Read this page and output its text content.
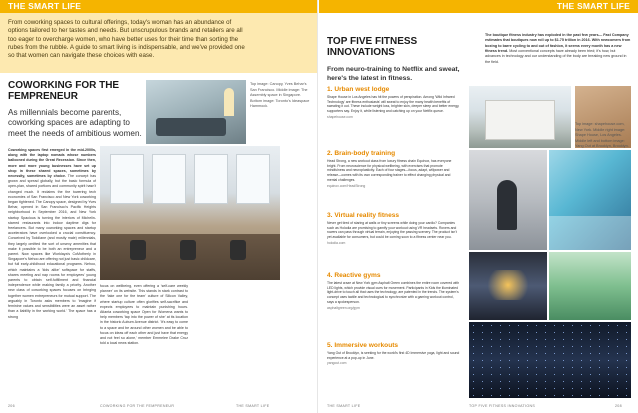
THE SMART LIFE

From coworking spaces to cultural offerings, today's woman has an abundance of options tailored to her tastes and needs. But unscrupulous brands and retailers are all too eager to overcharge women, who have better uses for their time than sorting the rubes from the rubble. A guide to smart living is indispensable, and we've provided one so that women can navigate these choices with ease.

COWORKING FOR THE FEMPRENEUR
As millennials become parents, coworking spaces are adapting to meet the needs of ambitious women.
Top image: Canopy, Yves Behar's San Francisco. Middle image: The Assembly space in Singapore. Bottom image: Toronto's Ideaspace Hammock.
Coworking spaces first emerged in the mid-2000s, along with the laptop nomads whose numbers ballooned during the Great Recession. Since then, more and more young businesses have set up shop in these shared spaces, sometimes by necessity, sometimes by choice. The concept has grown and spread globally, but the basic formula of open-plan, shared portions and community spirit hasn't changed much. It reclaims the the towering tech economies of San Francisco and New York coworking began tightened. The Canopy space, designed by Yves Behar, opened in San Francisco's Pacific Heights neighborhood in September 2016, and New York startup Spacious is turning the interiors of Michelin-starred restaurants into indoor daytime digs for freelancers. But many coworking spaces and startup accelerators have overlooked a crucial constituency. Conceived by Toddlane (and mostly male) millennials, they largely omitted the sort of unsexy amenities that make it possible to be both an entrepreneur and a parent. Now spaces like Worklaya's CoMotherly in Singapore's Nehoo are offering not just basic childcare, but full early-childhood educational programs. Nehoo, which maintains a 'kids alike' softspace for staffs, shares meeting and nap rooms for employees' young parents to obtain self-fulfillment and financial independence while making family a priority. Another new class of coworking spaces focuses on bringing together women entrepreneurs for mutual support. The arguably in Toronto asks members to 'imagine if feminine values and sensibilities were an asset rather than a liability in the working world.' The space has a strong
focus on wellbeing, even offering a 'self-care weekly planner' on its website. This stands in stark contrast to the 'take one for the team' culture of Silicon Valley, where startup culture often glorifies self-sacrifice and expects employees to maintain punishing hours. Atlanta coworking space Open for Womena wants to help members 'tap into the power of she' at its location in the historic Auburn Avenue district. 'It's easy to come to a space and be around other women and be able to focus on ideas off each other and just have that energy and not feel so alone,' member Emmelee Drake Cruz told a local news station.
206	COWORKING FOR THE FEMPRENEUR	THE SMART LIFE
THE SMART LIFE
TOP FIVE FITNESS INNOVATIONS
From neuro-training to Netflix and sweat, here's the latest in fitness.
The boutique fitness industry has exploded in the past few years— Fast Company estimates that boutiques now roll up to $1.75 trillion in 2016. With newcomers from boxing to barre cycling to and out of fashion, it seems every month has a new fitness trend. Most conventional concepts have already been tried; it's how, but advances in technology and our understanding of the body are breaking new ground in the field.
1. Urban west lodge

Shape House in Los Angeles has hit the powers of perspiration. Among 'Wild Infrared Technology' are fitness enthusiasts' will sweat to enjoy the many health benefits of sweating it out. These include weight loss, brighter skin, deeper sleep and better energy, supporters say. Enjoy it, while listening and catching up on your Netflix queue.

shapehouse.com
2. Brain-body training

Head Strong, a new workout class from luxury fitness chain Equinox, has everyone bright. From neuroscience for physical wellbeing, with exercises that promote mindfulness and neuroplasticity. Each of four stages—focus, adapt, willpower and release—comes with its own corresponding trainer to effect changing physical and mental challenges.

equinox.com/HeadStrong
3. Virtual reality fitness

Never get tired of staring at walls or tiny screens while doing your cardio? Companies such as Holodia are promising to gamify your workout using VR headsets. Rovers and rowers can pass through virtual terrain, enjoying the passing scenery. The product isn't yet available for consumers, but could be coming soon to a fitness center near you.

holodia.com
4. Reactive gyms

The latest craze at New York gym Asphalt Green combines the entire room covered with LED lights, which provide visual cues for movement. Participants in Kids the illuminated light-drive to touch all that uses the technology, are patented in the trends. The system's concept uses tactile and technological to synchronize with a gaming workout control, says a spokesperson.

asphaltgreen.org/gym
5. Immersive workouts

Yang Out of Brooklyn, is seeking for the world's first 4D Immersive yoga, light and sound experience at a pop-up in June.

yangout.com
THE SMART LIFE	TOP FIVE FITNESS INNOVATIONS	208
Top image: shapehouse.com, New York. Middle right image: Shape House, Los Angeles. Middle left and bottom image: Yang Out at Brooklyn, Brooklyn.
